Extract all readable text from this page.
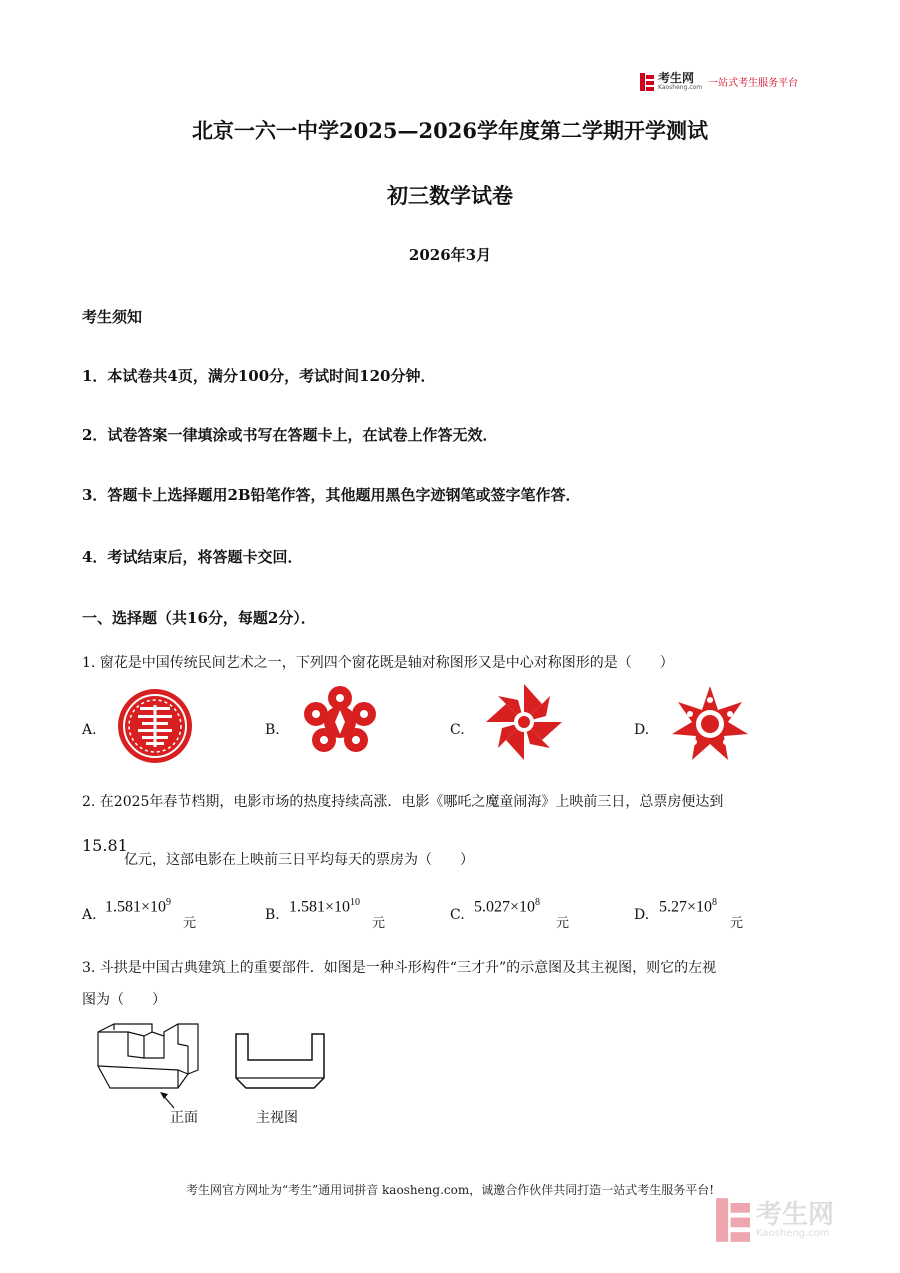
考生网
Kaosheng.com 一站式考生服务平台
北京一六一中学2025—2026学年度第二学期开学测试
初三数学试卷
2026年3月
考生须知
1．本试卷共4页，满分100分，考试时间120分钟．
2．试卷答案一律填涂或书写在答题卡上，在试卷上作答无效．
3．答题卡上选择题用2B铅笔作答，其他题用黑色字迹钢笔或签字笔作答．
4．考试结束后，将答题卡交回．
一、选择题（共16分，每题2分）．
1. 窗花是中国传统民间艺术之一，下列四个窗花既是轴对称图形又是中心对称图形的是（　　）
A.	B.	C.	D.
2. 在2025年春节档期，电影市场的热度持续高涨．电影《哪吒之魔童闹海》上映前三日，总票房便达到
15.81
亿元，这部电影在上映前三日平均每天的票房为（　　）
A. $1.581\times 10^9$
元
B. $1.581\times 10^{10}$
元
C. $5.027\times 10^8$
元
D. $5.27\times 10^8$
元
3. 斗拱是中国古典建筑上的重要部件．如图是一种斗形构件“三才升”的示意图及其主视图，则它的左视
图为（　　）
正面	主视图
考生网官方网址为“考生”通用词拼音 kaosheng.com，诚邀合作伙伴共同打造一站式考生服务平台!
考生网
Kaosheng.com
